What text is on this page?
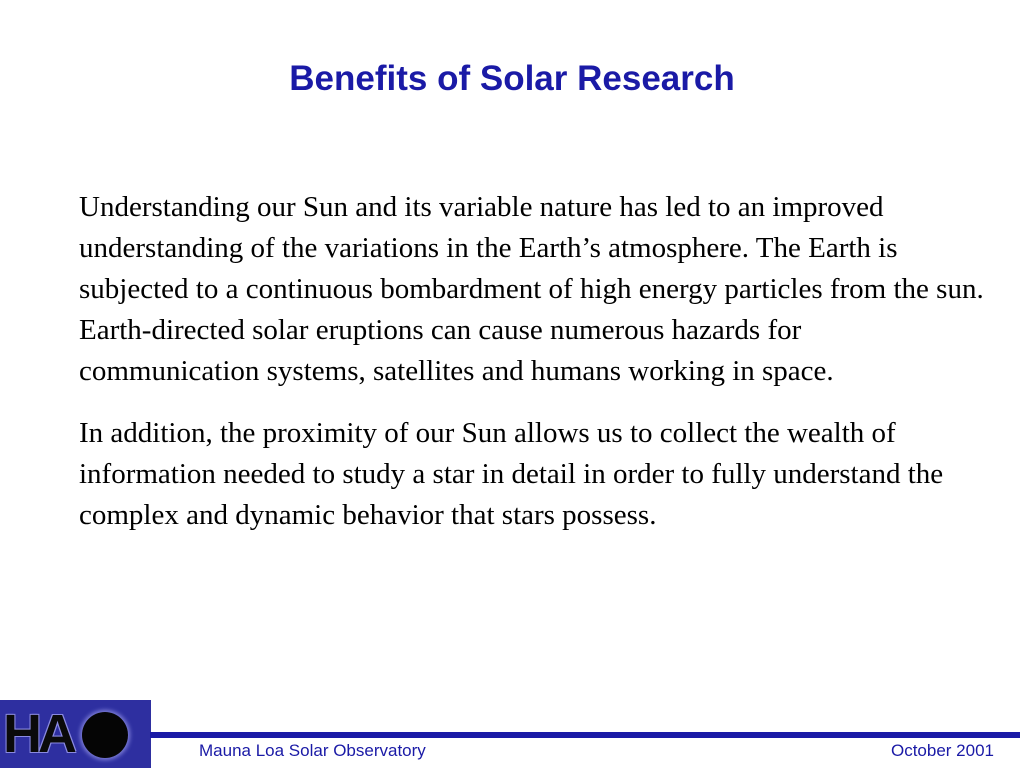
Benefits of Solar Research

Understanding our Sun and its variable nature has led to an improved understanding of the variations in the Earth’s atmosphere. The Earth is subjected to a continuous bombardment of high energy particles from the sun. Earth-directed solar eruptions can cause numerous hazards for communication systems, satellites and humans working in space.

In addition, the proximity of our Sun allows us to collect the wealth of information needed to study a star in detail in order to fully understand the complex and dynamic behavior that stars possess.

HA	Mauna Loa Solar Observatory	October 2001
